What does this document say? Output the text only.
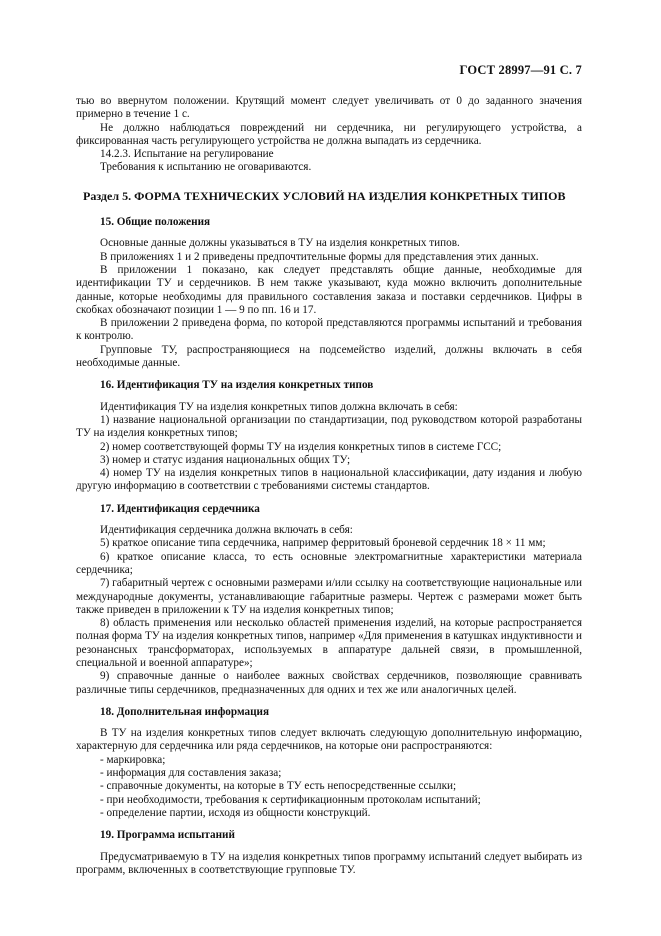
ГОСТ 28997—91 С. 7

тью во ввернутом положении. Крутящий момент следует увеличивать от 0 до заданного значения примерно в течение 1 с.

Не должно наблюдаться повреждений ни сердечника, ни регулирующего устройства, а фиксированная часть регулирующего устройства не должна выпадать из сердечника.

14.2.3. Испытание на регулирование

Требования к испытанию не оговариваются.

Раздел 5. ФОРМА ТЕХНИЧЕСКИХ УСЛОВИЙ НА ИЗДЕЛИЯ КОНКРЕТНЫХ ТИПОВ
15. Общие положения

Основные данные должны указываться в ТУ на изделия конкретных типов.

В приложениях 1 и 2 приведены предпочтительные формы для представления этих данных.

В приложении 1 показано, как следует представлять общие данные, необходимые для идентификации ТУ и сердечников. В нем также указывают, куда можно включить дополнительные данные, которые необходимы для правильного составления заказа и поставки сердечников. Цифры в скобках обозначают позиции 1 — 9 по пп. 16 и 17.

В приложении 2 приведена форма, по которой представляются программы испытаний и требования к контролю.

Групповые ТУ, распространяющиеся на подсемейство изделий, должны включать в себя необходимые данные.

16. Идентификация ТУ на изделия конкретных типов

Идентификация ТУ на изделия конкретных типов должна включать в себя:

1) название национальной организации по стандартизации, под руководством которой разработаны ТУ на изделия конкретных типов;

2) номер соответствующей формы ТУ на изделия конкретных типов в системе ГСС;

3) номер и статус издания национальных общих ТУ;

4) номер ТУ на изделия конкретных типов в национальной классификации, дату издания и любую другую информацию в соответствии с требованиями системы стандартов.

17. Идентификация сердечника

Идентификация сердечника должна включать в себя:

5) краткое описание типа сердечника, например ферритовый броневой сердечник 18 × 11 мм;

6) краткое описание класса, то есть основные электромагнитные характеристики материала сердечника;

7) габаритный чертеж с основными размерами и/или ссылку на соответствующие национальные или международные документы, устанавливающие габаритные размеры. Чертеж с размерами может быть также приведен в приложении к ТУ на изделия конкретных типов;

8) область применения или несколько областей применения изделий, на которые распространяется полная форма ТУ на изделия конкретных типов, например «Для применения в катушках индуктивности и резонансных трансформаторах, используемых в аппаратуре дальней связи, в промышленной, специальной и военной аппаратуре»;

9) справочные данные о наиболее важных свойствах сердечников, позволяющие сравнивать различные типы сердечников, предназначенных для одних и тех же или аналогичных целей.

18. Дополнительная информация

В ТУ на изделия конкретных типов следует включать следующую дополнительную информацию, характерную для сердечника или ряда сердечников, на которые они распространяются:

- маркировка;

- информация для составления заказа;

- справочные документы, на которые в ТУ есть непосредственные ссылки;

- при необходимости, требования к сертификационным протоколам испытаний;

- определение партии, исходя из общности конструкций.

19. Программа испытаний

Предусматриваемую в ТУ на изделия конкретных типов программу испытаний следует выбирать из программ, включенных в соответствующие групповые ТУ.
